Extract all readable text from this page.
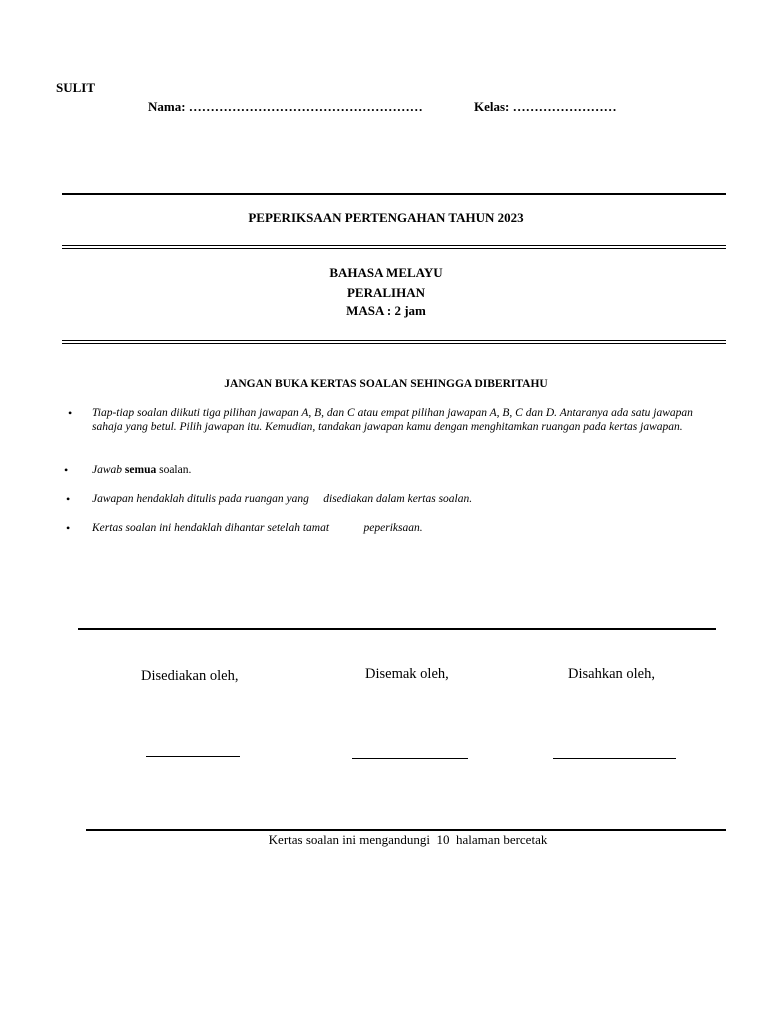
SULIT
Nama: ………………………………………………	Kelas: ……………………
PEPERIKSAAN PERTENGAHAN TAHUN 2023
BAHASA MELAYU
PERALIHAN
MASA : 2 jam
JANGAN BUKA KERTAS SOALAN SEHINGGA DIBERITAHU
• Tiap-tiap soalan diikuti tiga pilihan jawapan A, B, dan C atau empat pilihan jawapan A, B, C dan D. Antaranya ada satu jawapan sahaja yang betul. Pilih jawapan itu. Kemudian, tandakan jawapan kamu dengan menghitamkan ruangan pada kertas jawapan.
• Jawab semua soalan.
• Jawapan hendaklah ditulis pada ruangan yang     disediakan dalam kertas soalan.
• Kertas soalan ini hendaklah dihantar setelah tamat            peperiksaan.
Disediakan oleh,	Disemak oleh,	Disahkan oleh,
Kertas soalan ini mengandungi  10  halaman bercetak
